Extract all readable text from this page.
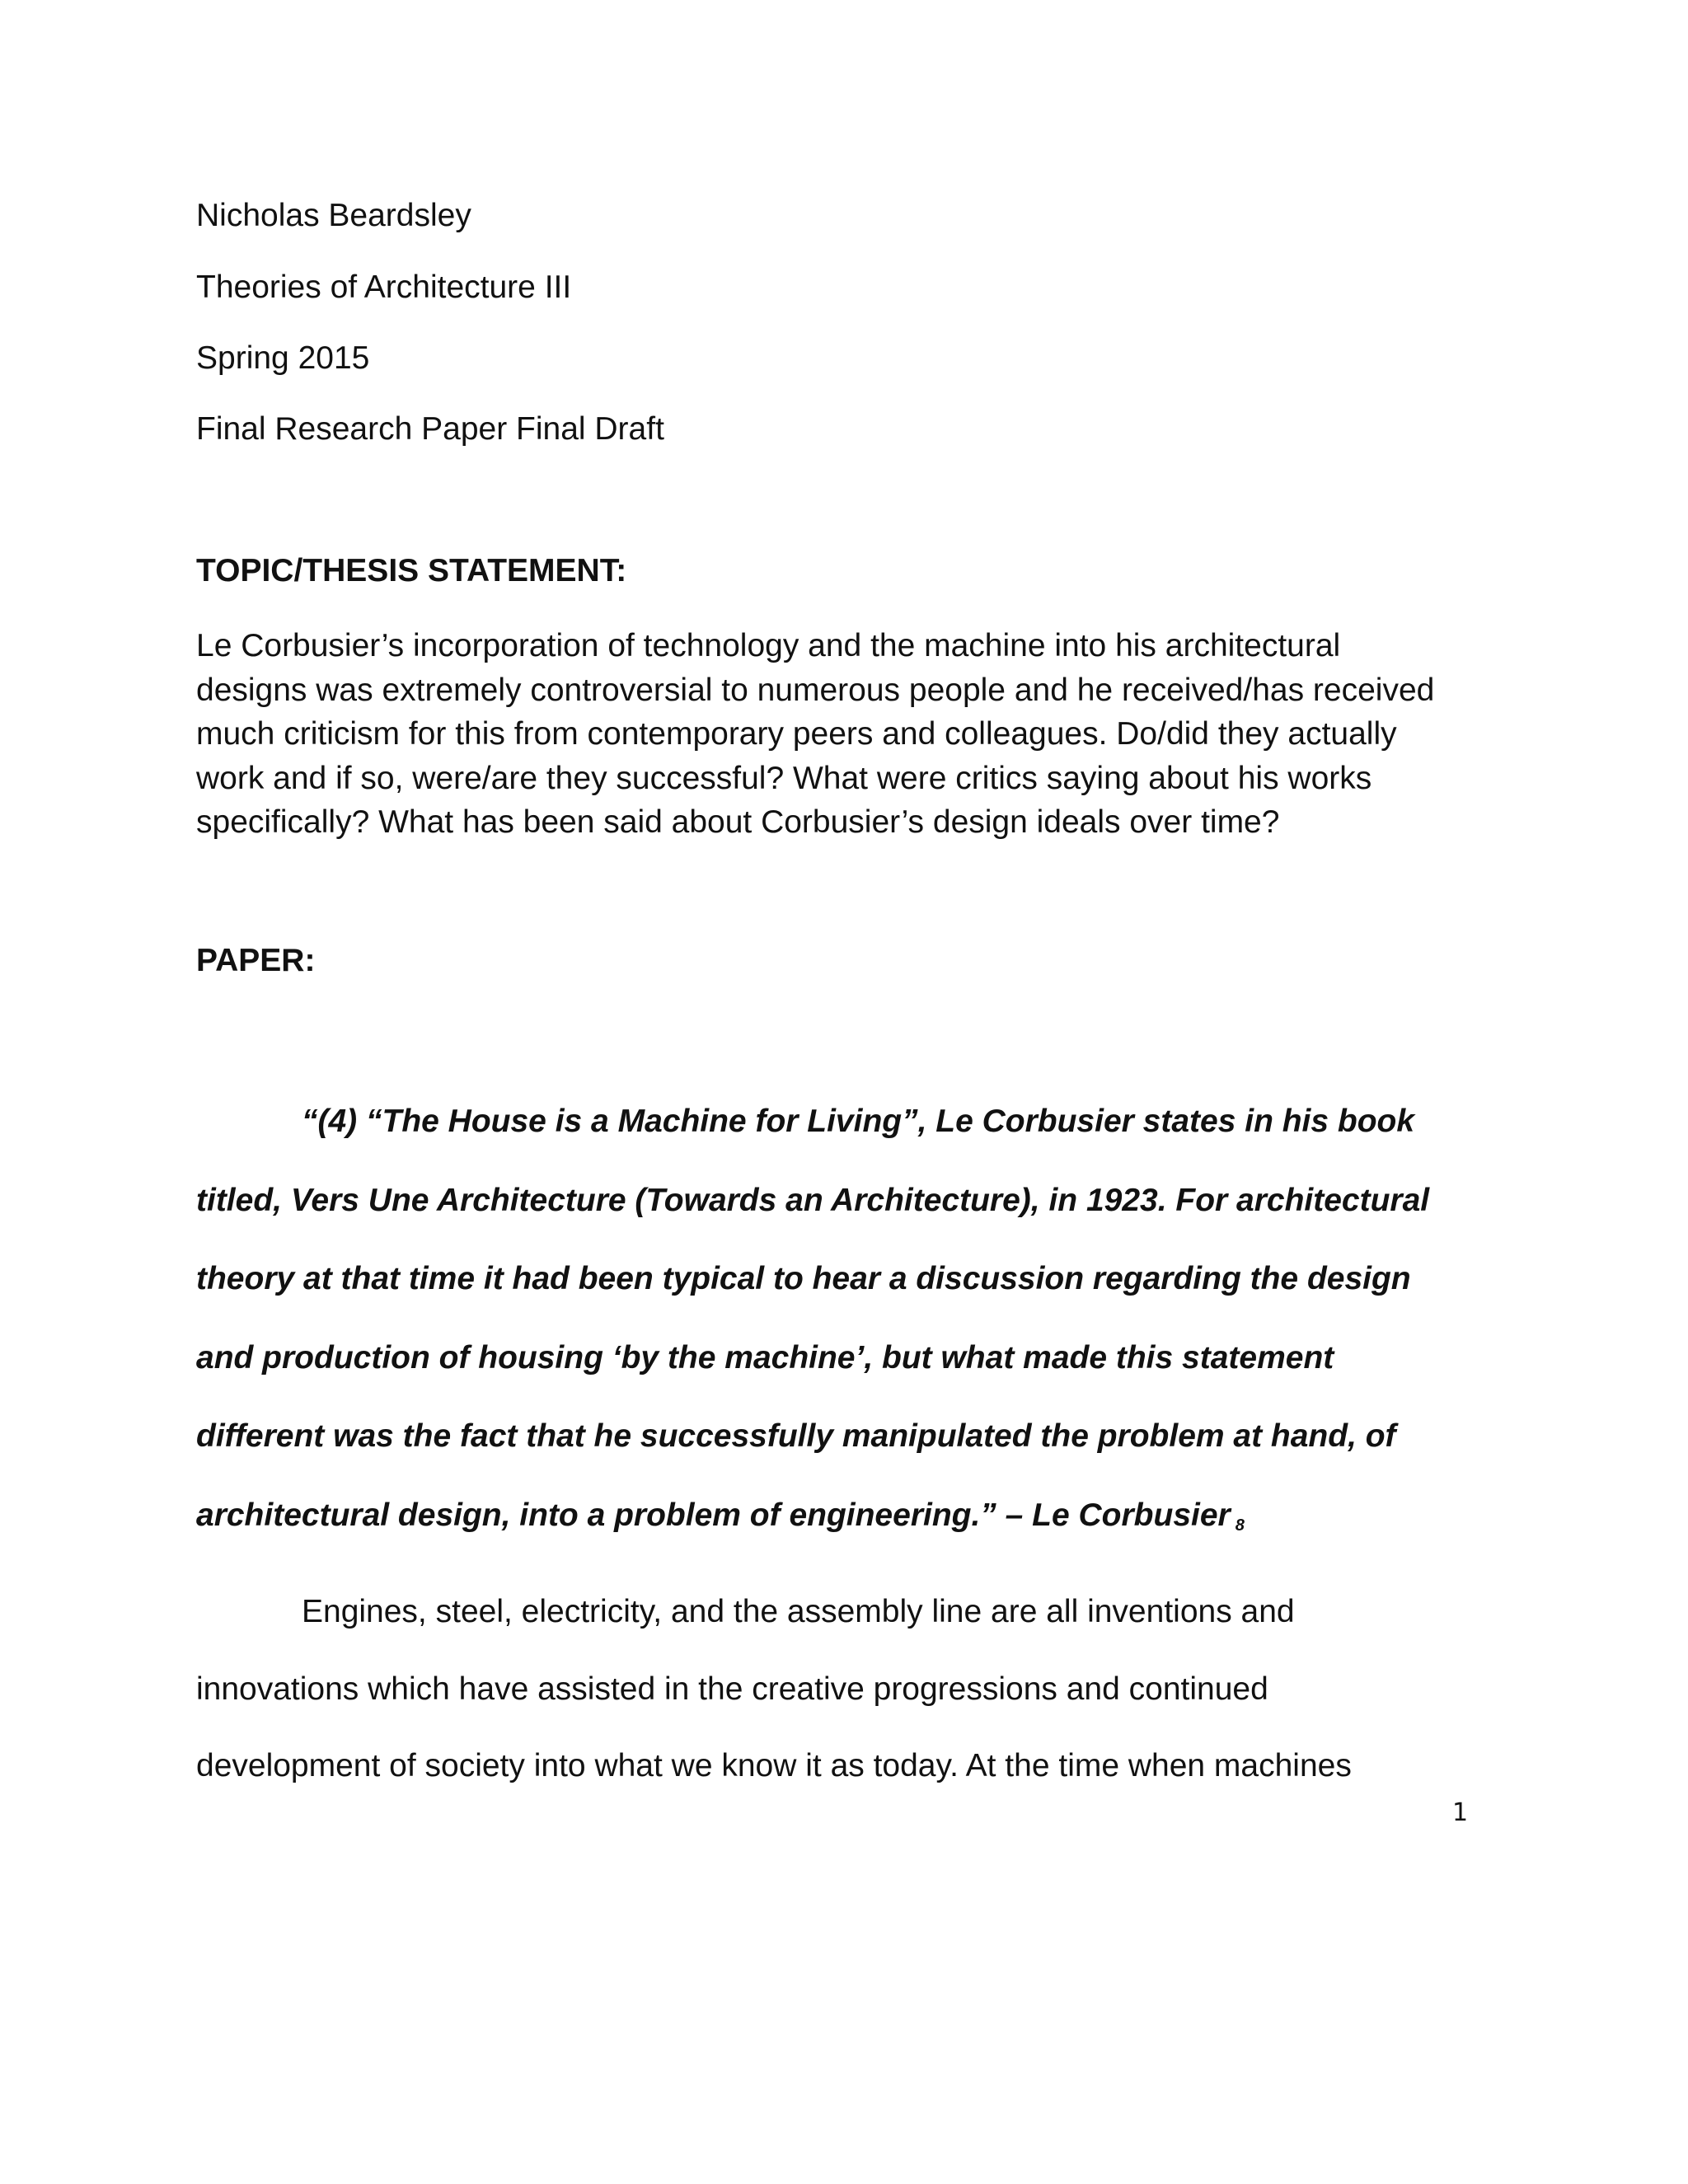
Nicholas Beardsley

Theories of Architecture III

Spring 2015

Final Research Paper Final Draft

TOPIC/THESIS STATEMENT:

Le Corbusier’s incorporation of technology and the machine into his architectural
designs was extremely controversial to numerous people and he received/has received
much criticism for this from contemporary peers and colleagues. Do/did they actually
work and if so, were/are they successful? What were critics saying about his works
specifically? What has been said about Corbusier’s design ideals over time?

PAPER:

“(4) “The House is a Machine for Living”, Le Corbusier states in his book
titled, Vers Une Architecture (Towards an Architecture), in 1923. For architectural
theory at that time it had been typical to hear a discussion regarding the design
and production of housing ‘by the machine’, but what made this statement
different was the fact that he successfully manipulated the problem at hand, of
architectural design, into a problem of engineering.” – Le Corbusier 8

Engines, steel, electricity, and the assembly line are all inventions and
innovations which have assisted in the creative progressions and continued
development of society into what we know it as today. At the time when machines

1
